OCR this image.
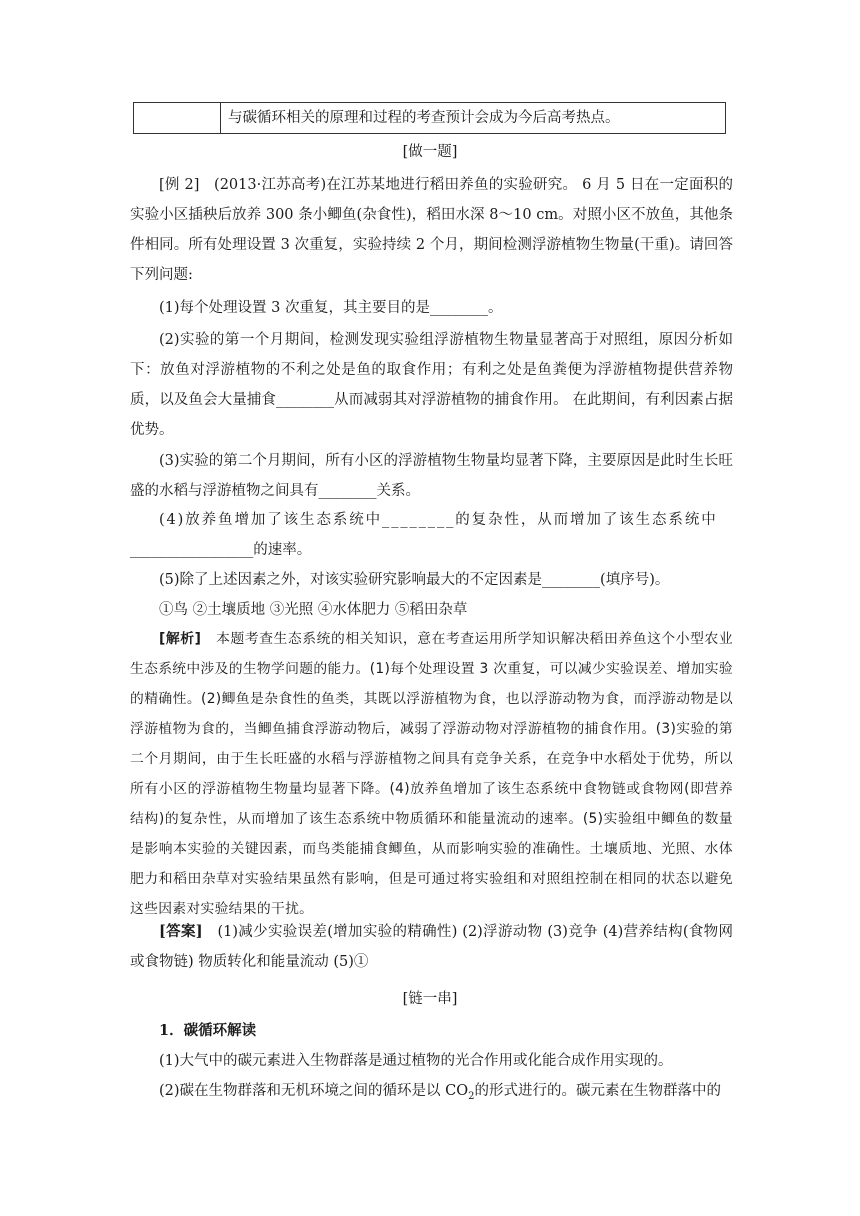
与碳循环相关的原理和过程的考查预计会成为今后高考热点。
[做一题]

[例 2] (2013·江苏高考)在江苏某地进行稻田养鱼的实验研究。 6 月 5 日在一定面积的实验小区插秧后放养 300 条小鲫鱼(杂食性)，稻田水深 8～10 cm。对照小区不放鱼，其他条件相同。所有处理设置 3 次重复，实验持续 2 个月，期间检测浮游植物生物量(干重)。请回答下列问题:

(1)每个处理设置 3 次重复，其主要目的是________。

(2)实验的第一个月期间，检测发现实验组浮游植物生物量显著高于对照组，原因分析如下：放鱼对浮游植物的不利之处是鱼的取食作用；有利之处是鱼粪便为浮游植物提供营养物质，以及鱼会大量捕食________从而减弱其对浮游植物的捕食作用。 在此期间，有利因素占据优势。

(3)实验的第二个月期间，所有小区的浮游植物生物量均显著下降，主要原因是此时生长旺盛的水稻与浮游植物之间具有________关系。

(4)放养鱼增加了该生态系统中________的复杂性，从而增加了该生态系统中
_________________的速率。

(5)除了上述因素之外，对该实验研究影响最大的不定因素是________(填序号)。

①鸟 ②土壤质地 ③光照 ④水体肥力 ⑤稻田杂草

[解析] 本题考查生态系统的相关知识，意在考查运用所学知识解决稻田养鱼这个小型农业生态系统中涉及的生物学问题的能力。(1)每个处理设置 3 次重复，可以减少实验误差、增加实验的精确性。(2)鲫鱼是杂食性的鱼类，其既以浮游植物为食，也以浮游动物为食，而浮游动物是以浮游植物为食的，当鲫鱼捕食浮游动物后，减弱了浮游动物对浮游植物的捕食作用。(3)实验的第二个月期间，由于生长旺盛的水稻与浮游植物之间具有竞争关系，在竞争中水稻处于优势，所以所有小区的浮游植物生物量均显著下降。(4)放养鱼增加了该生态系统中食物链或食物网(即营养结构)的复杂性，从而增加了该生态系统中物质循环和能量流动的速率。(5)实验组中鲫鱼的数量是影响本实验的关键因素，而鸟类能捕食鲫鱼，从而影响实验的准确性。土壤质地、光照、水体肥力和稻田杂草对实验结果虽然有影响，但是可通过将实验组和对照组控制在相同的状态以避免这些因素对实验结果的干扰。

[答案] (1)减少实验误差(增加实验的精确性) (2)浮游动物 (3)竞争 (4)营养结构(食物网或食物链) 物质转化和能量流动 (5)①

[链一串]
1．碳循环解读
(1)大气中的碳元素进入生物群落是通过植物的光合作用或化能合成作用实现的。
(2)碳在生物群落和无机环境之间的循环是以 $CO_2$的形式进行的。碳元素在生物群落中的
